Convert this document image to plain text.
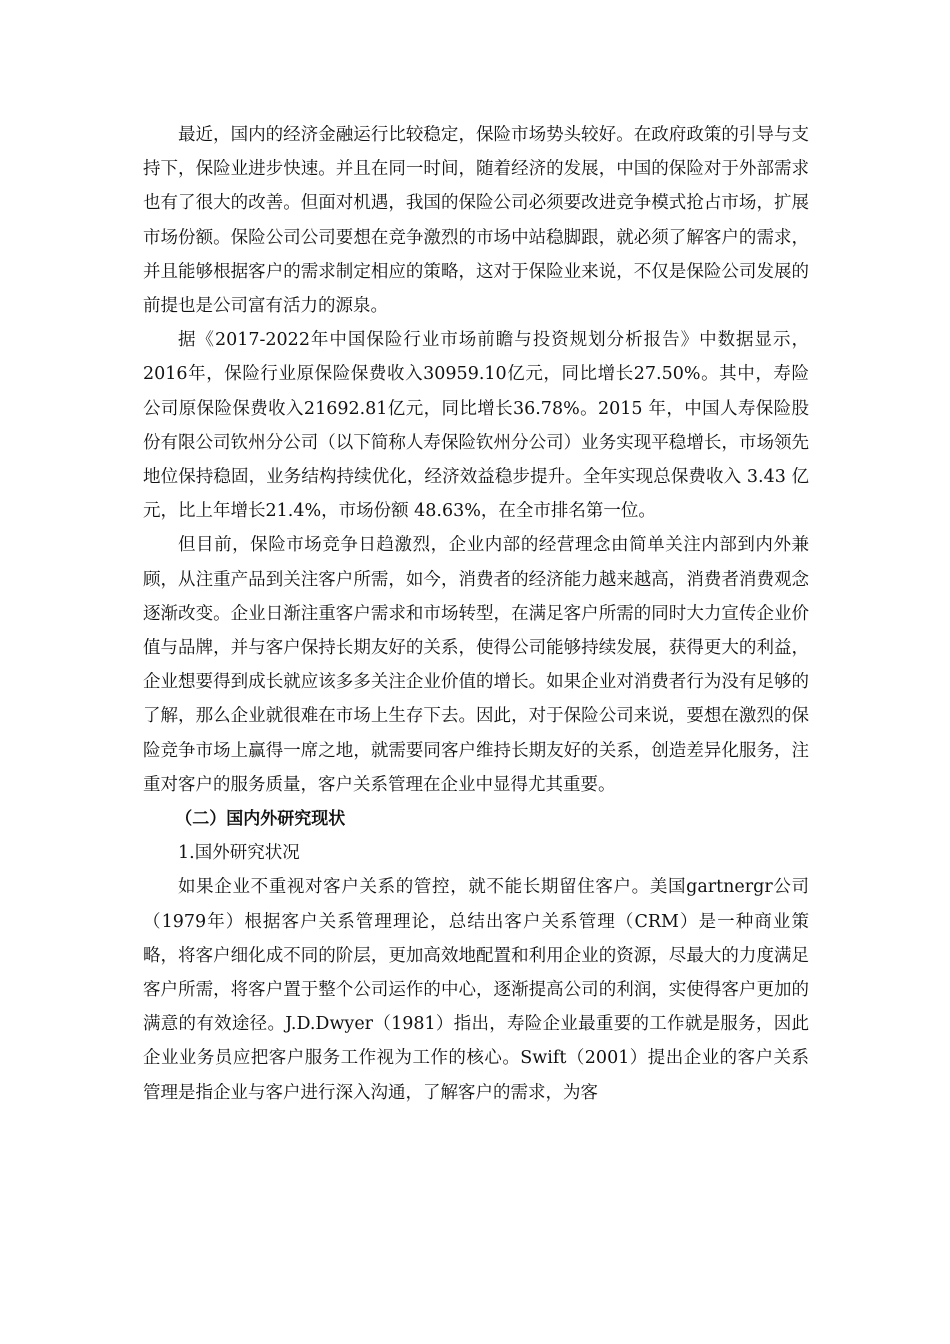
最近，国内的经济金融运行比较稳定，保险市场势头较好。在政府政策的引导与支持下，保险业进步快速。并且在同一时间，随着经济的发展，中国的保险对于外部需求也有了很大的改善。但面对机遇，我国的保险公司必须要改进竞争模式抢占市场，扩展市场份额。保险公司公司要想在竞争激烈的市场中站稳脚跟，就必须了解客户的需求，并且能够根据客户的需求制定相应的策略，这对于保险业来说，不仅是保险公司发展的前提也是公司富有活力的源泉。

据《2017-2022年中国保险行业市场前瞻与投资规划分析报告》中数据显示，2016年，保险行业原保险保费收入30959.10亿元，同比增长27.50%。其中，寿险公司原保险保费收入21692.81亿元，同比增长36.78%。2015 年，中国人寿保险股份有限公司钦州分公司（以下简称人寿保险钦州分公司）业务实现平稳增长，市场领先地位保持稳固，业务结构持续优化，经济效益稳步提升。全年实现总保费收入 3.43 亿元，比上年增长21.4%，市场份额 48.63%，在全市排名第一位。

但目前，保险市场竞争日趋激烈，企业内部的经营理念由简单关注内部到内外兼顾，从注重产品到关注客户所需，如今，消费者的经济能力越来越高，消费者消费观念逐渐改变。企业日渐注重客户需求和市场转型，在满足客户所需的同时大力宣传企业价值与品牌，并与客户保持长期友好的关系，使得公司能够持续发展，获得更大的利益，企业想要得到成长就应该多多关注企业价值的增长。如果企业对消费者行为没有足够的了解，那么企业就很难在市场上生存下去。因此，对于保险公司来说，要想在激烈的保险竞争市场上赢得一席之地，就需要同客户维持长期友好的关系，创造差异化服务，注重对客户的服务质量，客户关系管理在企业中显得尤其重要。

（二）国内外研究现状

1.国外研究状况

如果企业不重视对客户关系的管控，就不能长期留住客户。美国gartnergr公司（1979年）根据客户关系管理理论，总结出客户关系管理（CRM）是一种商业策略，将客户细化成不同的阶层，更加高效地配置和利用企业的资源，尽最大的力度满足客户所需，将客户置于整个公司运作的中心，逐渐提高公司的利润，实使得客户更加的满意的有效途径。J.D.Dwyer（1981）指出，寿险企业最重要的工作就是服务，因此企业业务员应把客户服务工作视为工作的核心。Swift（2001）提出企业的客户关系管理是指企业与客户进行深入沟通，了解客户的需求，为客
